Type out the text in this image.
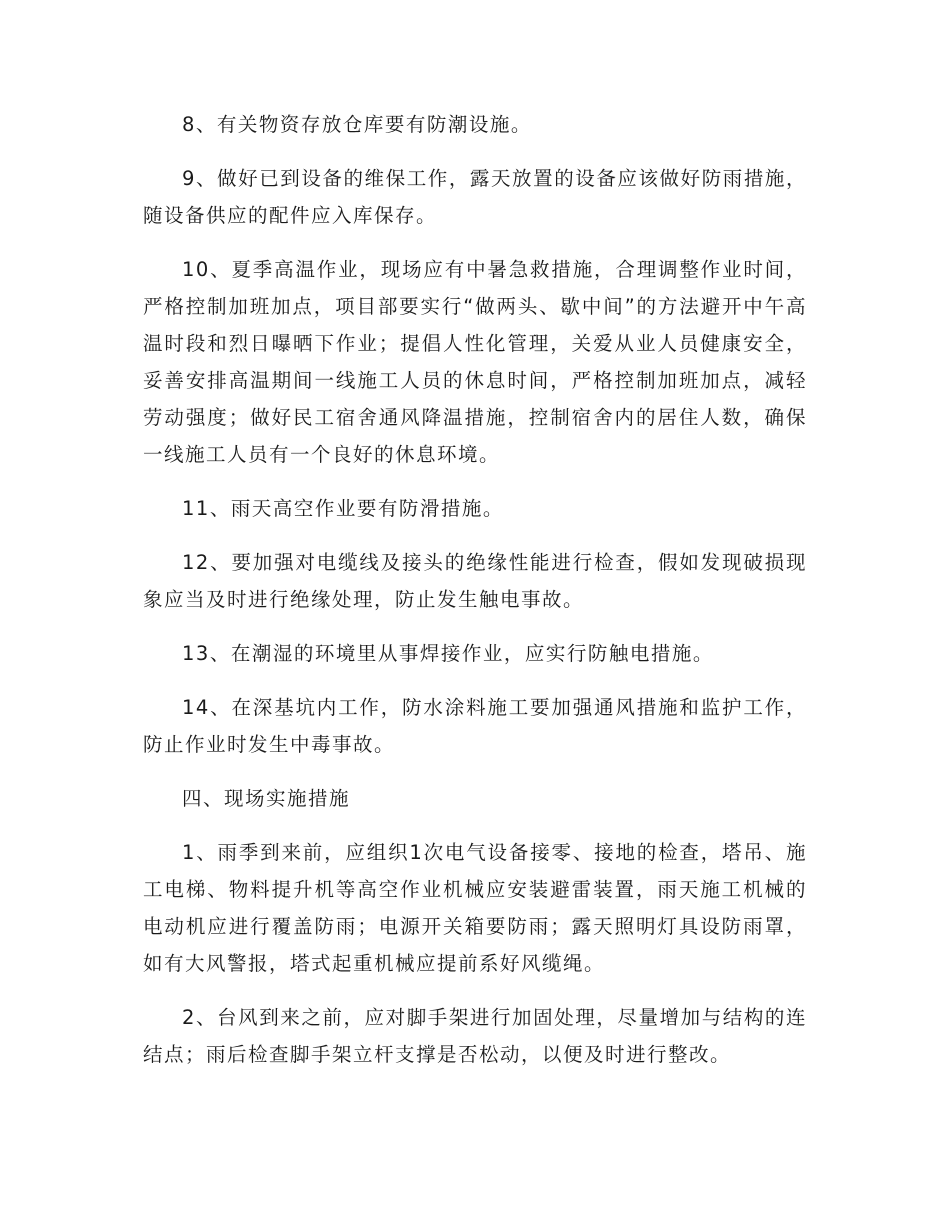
8、有关物资存放仓库要有防潮设施。

9、做好已到设备的维保工作，露天放置的设备应该做好防雨措施，随设备供应的配件应入库保存。

10、夏季高温作业，现场应有中暑急救措施，合理调整作业时间，严格控制加班加点，项目部要实行“做两头、歇中间”的方法避开中午高温时段和烈日曝晒下作业；提倡人性化管理，关爱从业人员健康安全，妥善安排高温期间一线施工人员的休息时间，严格控制加班加点，减轻劳动强度；做好民工宿舍通风降温措施，控制宿舍内的居住人数，确保一线施工人员有一个良好的休息环境。

11、雨天高空作业要有防滑措施。

12、要加强对电缆线及接头的绝缘性能进行检查，假如发现破损现象应当及时进行绝缘处理，防止发生触电事故。

13、在潮湿的环境里从事焊接作业，应实行防触电措施。

14、在深基坑内工作，防水涂料施工要加强通风措施和监护工作，防止作业时发生中毒事故。

四、现场实施措施

1、雨季到来前，应组织1次电气设备接零、接地的检查，塔吊、施工电梯、物料提升机等高空作业机械应安装避雷装置，雨天施工机械的电动机应进行覆盖防雨；电源开关箱要防雨；露天照明灯具设防雨罩，如有大风警报，塔式起重机械应提前系好风缆绳。

2、台风到来之前，应对脚手架进行加固处理，尽量增加与结构的连结点；雨后检查脚手架立杆支撑是否松动，以便及时进行整改。
